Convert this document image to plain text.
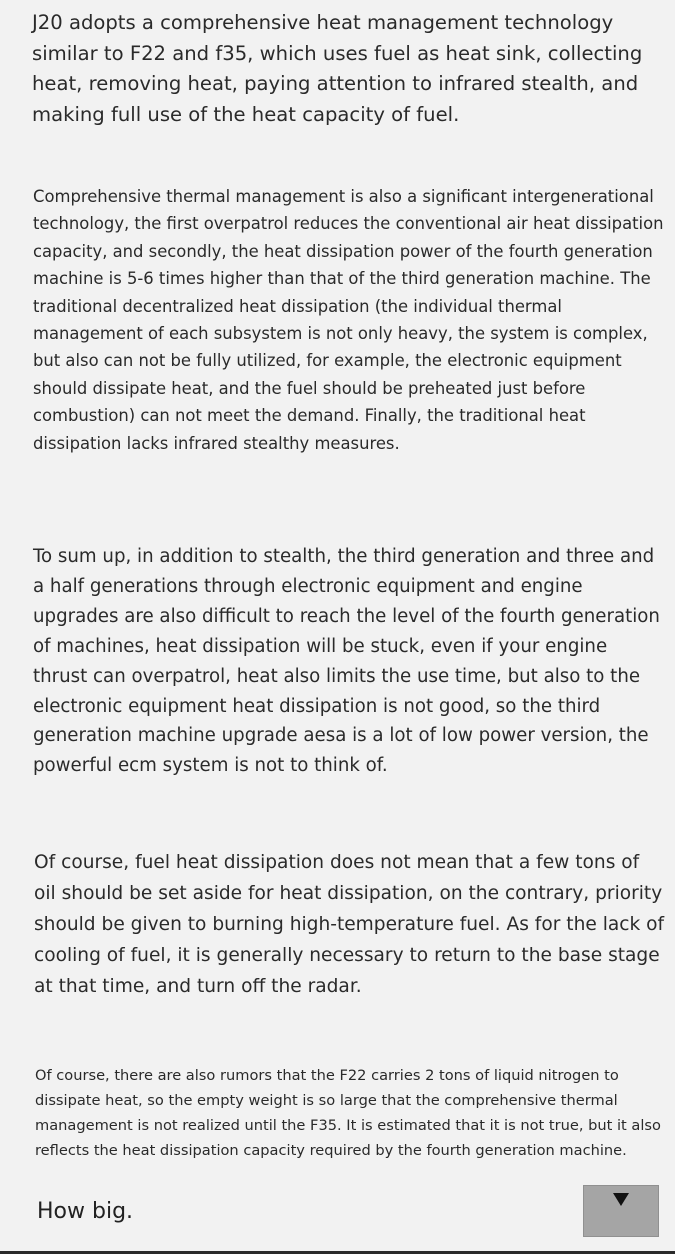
J20 adopts a comprehensive heat management technology similar to F22 and f35, which uses fuel as heat sink, collecting heat, removing heat, paying attention to infrared stealth, and making full use of the heat capacity of fuel.

Comprehensive thermal management is also a significant intergenerational technology, the first overpatrol reduces the conventional air heat dissipation capacity, and secondly, the heat dissipation power of the fourth generation machine is 5-6 times higher than that of the third generation machine. The traditional decentralized heat dissipation (the individual thermal management of each subsystem is not only heavy, the system is complex, but also can not be fully utilized, for example, the electronic equipment should dissipate heat, and the fuel should be preheated just before combustion) can not meet the demand. Finally, the traditional heat dissipation lacks infrared stealthy measures.

To sum up, in addition to stealth, the third generation and three and a half generations through electronic equipment and engine upgrades are also difficult to reach the level of the fourth generation of machines, heat dissipation will be stuck, even if your engine thrust can overpatrol, heat also limits the use time, but also to the electronic equipment heat dissipation is not good, so the third generation machine upgrade aesa is a lot of low power version, the powerful ecm system is not to think of.

Of course, fuel heat dissipation does not mean that a few tons of oil should be set aside for heat dissipation, on the contrary, priority should be given to burning high-temperature fuel. As for the lack of cooling of fuel, it is generally necessary to return to the base stage at that time, and turn off the radar.

Of course, there are also rumors that the F22 carries 2 tons of liquid nitrogen to dissipate heat, so the empty weight is so large that the comprehensive thermal management is not realized until the F35. It is estimated that it is not true, but it also reflects the heat dissipation capacity required by the fourth generation machine.

How big.
